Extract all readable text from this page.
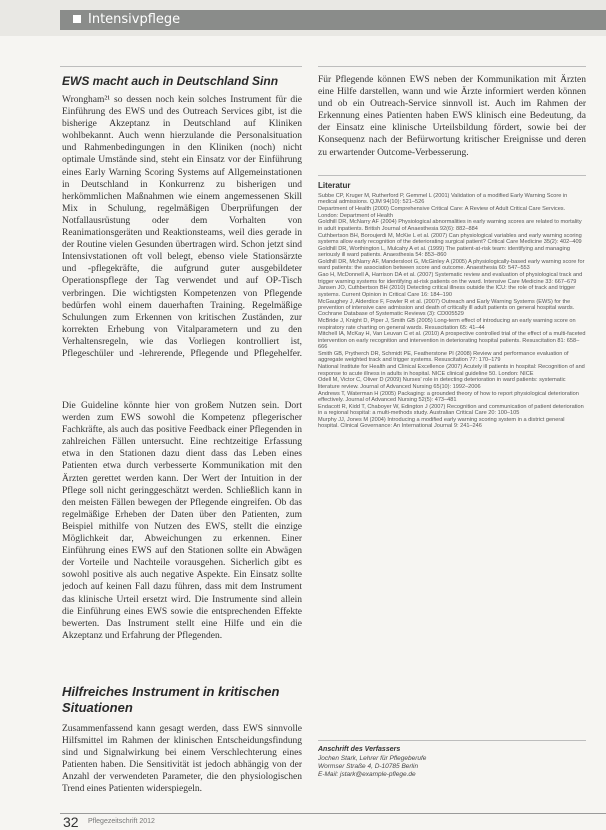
Intensivpflege
EWS macht auch in Deutschland Sinn

Wrongham²¹ so dessen noch kein solches Instrument für die Einführung des EWS und des Outreach Services gibt, ist die bisherige Akzeptanz in Deutschland auf Kliniken wohlbekannt. Auch wenn hierzulande die Personalsituation und Rahmenbedingungen in den Kliniken (noch) nicht optimale Umstände sind, steht ein Einsatz vor der Einführung eines Early Warning Scoring Systems auf Allgemeinstationen in Deutschland in Konkurrenz zu bisherigen und herkömmlichen Maßnahmen wie einem angemessenen Skill Mix in Schulung, regelmäßigen Überprüfungen der Notfallausrüstung oder dem Vorhalten von Reanimationsgeräten und Reaktionsteams, weil dies gerade in der Routine vielen Gesunden übertragen wird. Schon jetzt sind Intensivstationen oft voll belegt, ebenso viele Stationsärzte und -pflegekräfte, die aufgrund guter ausgebildeter Operationspflege der Tag verwendet und auf OP-Tisch verbringen. Die wichtigsten Kompetenzen von Pflegende bedürfen wohl einem dauerhaften Training. Regelmäßige Schulungen zum Erkennen von kritischen Zuständen, zur korrekten Erhebung von Vitalparametern und zu den Verhaltensregeln, wie das Vorliegen kontrolliert ist, Pflegeschüler und -lehrerende, Pflegende und Pflegehelfer.

Die Guideline könnte hier von großem Nutzen sein. Dort werden zum EWS sowohl die Kompetenz pflegerischer Fachkräfte, als auch das positive Feedback einer Pflegenden in zahlreichen Fällen untersucht. Eine rechtzeitige Erfassung etwa in den Stationen dazu dient dass das Leben eines Patienten etwa durch verbesserte Kommunikation mit den Ärzten gerettet werden kann. Der Wert der Intuition in der Pflege soll nicht geringgeschätzt werden. Schließlich kann in den meisten Fällen bewegen der Pflegende eingreifen. Ob das regelmäßige Erheben der Daten über den Patienten, zum Beispiel mithilfe von Nutzen des EWS, stellt die einzige Möglichkeit dar, Abweichungen zu erkennen. Einer Einführung eines EWS auf den Stationen sollte ein Abwägen der Vorteile und Nachteile vorausgehen. Sicherlich gibt es sowohl positive als auch negative Aspekte. Ein Einsatz sollte jedoch auf keinen Fall dazu führen, dass mit dem Instrument das klinische Urteil ersetzt wird. Die Instrumente sind allein die Einführung eines EWS sowie die entsprechenden Effekte bewerten. Das Instrument stellt eine Hilfe und ein die Akzeptanz und Erfahrung der Pflegenden.

Hilfreiches Instrument in kritischen Situationen

Zusammenfassend kann gesagt werden, dass EWS sinnvolle Hilfsmittel im Rahmen der klinischen Entscheidungsfindung sind und Signalwirkung bei einem Verschlechterung eines Patienten haben. Die Sensitivität ist jedoch abhängig von der Anzahl der verwendeten Parameter, die den physiologischen Trend eines Patienten widerspiegeln.

Für Pflegende können EWS neben der Kommunikation mit Ärzten eine Hilfe darstellen, wann und wie Ärzte informiert werden können und ob ein Outreach-Service sinnvoll ist. Auch im Rahmen der Erkennung eines Patienten haben EWS klinisch eine Bedeutung, da der Einsatz eine klinische Urteilsbildung fördert, sowie bei der Konsequenz nach der Befürwortung kritischer Ereignisse und deren zu erwartender Outcome-Verbesserung.

Literatur
Subbe CP, Kruger M, Rutherford P, Gemmel L (2001) Validation of a modified Early Warning Score in medical admissions. QJM 94(10): 521–526
Department of Health (2000) Comprehensive Critical Care: A Review of Adult Critical Care Services. London: Department of Health
Goldhill DR, McNarry AF (2004) Physiological abnormalities in early warning scores are related to mortality in adult inpatients. British Journal of Anaesthesia 92(6): 882–884
Cuthbertson BH, Boroujerdi M, McKie L et al. (2007) Can physiological variables and early warning scoring systems allow early recognition of the deteriorating surgical patient? Critical Care Medicine 35(2): 402–409
Goldhill DR, Worthington L, Mulcahy A et al. (1999) The patient-at-risk team: identifying and managing seriously ill ward patients. Anaesthesia 54: 853–860
Goldhill DR, McNarry AF, Mandersloot G, McGinley A (2005) A physiologically-based early warning score for ward patients: the association between score and outcome. Anaesthesia 60: 547–553
Gao H, McDonnell A, Harrison DA et al. (2007) Systematic review and evaluation of physiological track and trigger warning systems for identifying at-risk patients on the ward. Intensive Care Medicine 33: 667–679
Jansen JO, Cuthbertson BH (2010) Detecting critical illness outside the ICU: the role of track and trigger systems. Current Opinion in Critical Care 16: 184–190
McGaughey J, Alderdice F, Fowler R et al. (2007) Outreach and Early Warning Systems (EWS) for the prevention of intensive care admission and death of critically ill adult patients on general hospital wards. Cochrane Database of Systematic Reviews (3): CD005529
McBride J, Knight D, Piper J, Smith GB (2005) Long-term effect of introducing an early warning score on respiratory rate charting on general wards. Resuscitation 65: 41–44
Mitchell IA, McKay H, Van Leuvan C et al. (2010) A prospective controlled trial of the effect of a multi-faceted intervention on early recognition and intervention in deteriorating hospital patients. Resuscitation 81: 658–666
Smith GB, Prytherch DR, Schmidt PE, Featherstone PI (2008) Review and performance evaluation of aggregate weighted track and trigger systems. Resuscitation 77: 170–179
National Institute for Health and Clinical Excellence (2007) Acutely ill patients in hospital: Recognition of and response to acute illness in adults in hospital. NICE clinical guideline 50. London: NICE
Odell M, Victor C, Oliver D (2009) Nurses' role in detecting deterioration in ward patients: systematic literature review. Journal of Advanced Nursing 65(10): 1992–2006
Andrews T, Waterman H (2005) Packaging: a grounded theory of how to report physiological deterioration effectively. Journal of Advanced Nursing 52(5): 473–481
Endacott R, Kidd T, Chaboyer W, Edington J (2007) Recognition and communication of patient deterioration in a regional hospital: a multi-methods study. Australian Critical Care 20: 100–105
Murphy JJ, Jones M (2004) Introducing a modified early warning scoring system in a district general hospital. Clinical Governance: An International Journal 9: 241–246

Anschrift des Verfassers

Jochen Stark, Lehrer für Pflegeberufe

Wormser Straße 4, D-10785 Berlin

E-Mail: jstark@example-pflege.de

32 Pflegezeitschrift 2012
